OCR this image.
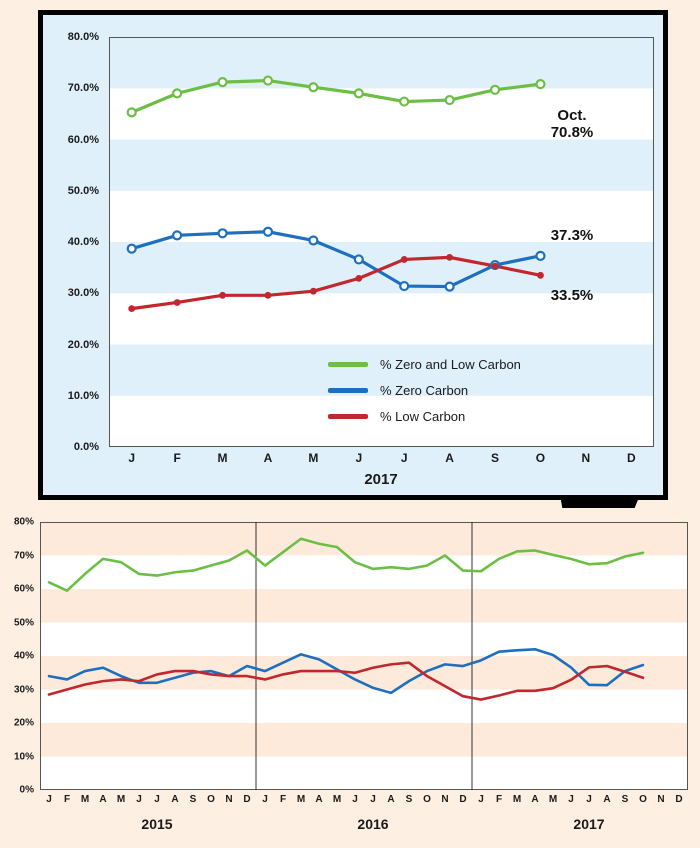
0.0%
10.0%
20.0%
30.0%
40.0%
50.0%
60.0%
70.0%
80.0%
J	F	M	A	M	J	J	A	S	O	N	D
2017
% Zero and Low Carbon
% Zero Carbon
% Low Carbon
Oct.
70.8%
37.3%
33.5%
0%
10%
20%
30%
40%
50%
60%
70%
80%
J F M A M J J A S O N D J F M A M J J A S O N D J F M A M J J A S O N D
2015	2016	2017
